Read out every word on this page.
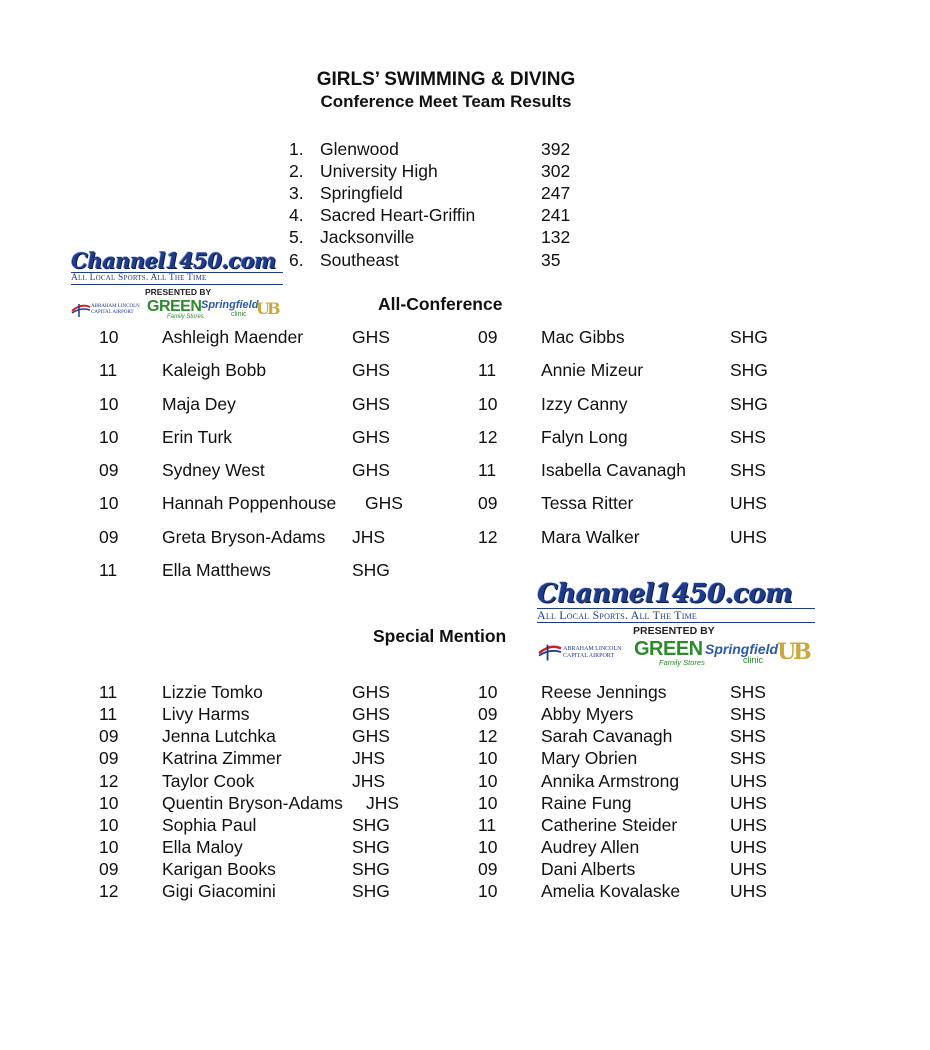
GIRLS’ SWIMMING & DIVING
Conference Meet Team Results
1. Glenwood	392
2. University High	302
3. Springfield	247
4. Sacred Heart-Griffin	241
5. Jacksonville	132
6. Southeast	35
Channel1450.com
All Local Sports. All The Time
PRESENTED BY
ABRAHAM LINCOLN CAPITAL AIRPORT GREEN
Family Stores
Springfield
clinic UB	All-Conference
10 Ashleigh Maender	GHS
11	Kaleigh Bobb	GHS
10 Maja Dey	GHS
10 Erin Turk	GHS
09 Sydney West	GHS
10 Hannah Poppenhouse GHS
09 Greta Bryson-Adams JHS
11	Ella Matthews	SHG
09 Mac Gibbs	SHG
11	Annie Mizeur	SHG
10 Izzy Canny	SHG
12 Falyn Long	SHS
11	Isabella Cavanagh	SHS
09 Tessa Ritter	UHS
12 Mara Walker	UHS
Channel1450.com
All Local Sports. All The Time
PRESENTED BY
ABRAHAM LINCOLN CAPITAL AIRPORT GREEN
Family Stores
Springfield
clinic UB
Special Mention
11	Lizzie Tomko	GHS
11	Livy Harms	GHS
09 Jenna Lutchka	GHS
09 Katrina Zimmer	JHS
12 Taylor Cook	JHS
10 Quentin Bryson-Adams JHS
10 Sophia Paul	SHG
10 Ella Maloy	SHG
09 Karigan Books	SHG
12 Gigi Giacomini	SHG
10 Reese Jennings	SHS
09 Abby Myers	SHS
12 Sarah Cavanagh	SHS
10 Mary Obrien	SHS
10 Annika Armstrong	UHS
10 Raine Fung	UHS
11	Catherine Steider	UHS
10 Audrey Allen	UHS
09 Dani Alberts	UHS
10 Amelia Kovalaske	UHS
